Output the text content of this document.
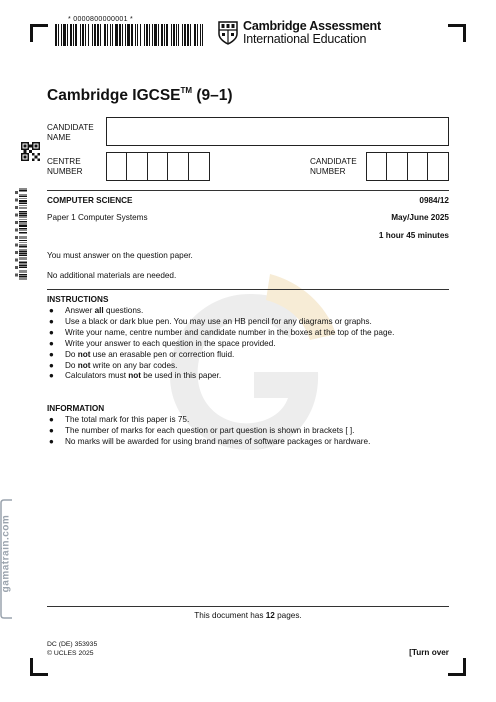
* 0000800000001 *	Cambridge Assessment
International Education
Cambridge IGCSE™ (9–1)
CANDIDATE
NAME
CENTRE
NUMBER
CANDIDATE
NUMBER
COMPUTER SCIENCE	0984/12
Paper 1 Computer Systems	May/June 2025
1 hour 45 minutes
You must answer on the question paper.
No additional materials are needed.
INSTRUCTIONS
●	Answer all questions.
●	Use a black or dark blue pen. You may use an HB pencil for any diagrams or graphs.
●	Write your name, centre number and candidate number in the boxes at the top of the page.
●	Write your answer to each question in the space provided.
●	Do not use an erasable pen or correction fluid.
●	Do not write on any bar codes.
●	Calculators must not be used in this paper.
INFORMATION
●	The total mark for this paper is 75.
●	The number of marks for each question or part question is shown in brackets [ ].
●	No marks will be awarded for using brand names of software packages or hardware.
gamatrain.com
This document has 12 pages.
DC (DE) 353935
© UCLES 2025	[Turn over
